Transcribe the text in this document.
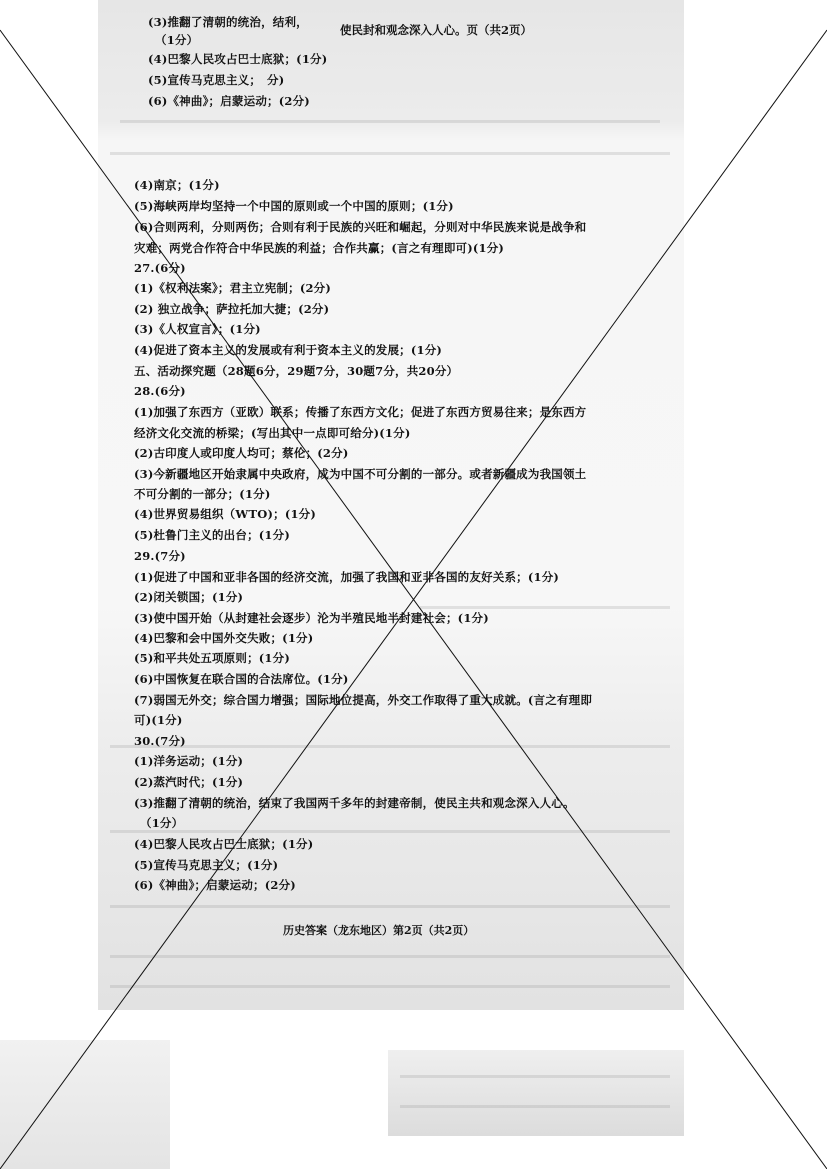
(3)推翻了清朝的统治，结利，
（1分）
(4)巴黎人民攻占巴士底狱；(1分)
(5)宣传马克思主义；　分)
(6)《神曲》；启蒙运动；(2分)
使民封和观念深入人心。页（共2页）
(4)南京；(1分)
(5)海峡两岸均坚持一个中国的原则或一个中国的原则；(1分)
(6)合则两利，分则两伤；合则有利于民族的兴旺和崛起，分则对中华民族来说是战争和
灾难；两党合作符合中华民族的利益；合作共赢；(言之有理即可)(1分)
27.(6分)
(1)《权利法案》；君主立宪制；(2分)
(2) 独立战争；萨拉托加大捷；(2分)
(3)《人权宣言》；(1分)
(4)促进了资本主义的发展或有利于资本主义的发展；(1分)
五、活动探究题（28题6分，29题7分，30题7分，共20分）
28.(6分)
(1)加强了东西方（亚欧）联系；传播了东西方文化；促进了东西方贸易往来；是东西方
经济文化交流的桥梁；(写出其中一点即可给分)(1分)
(2)古印度人或印度人均可；蔡伦；(2分)
(3)今新疆地区开始隶属中央政府，成为中国不可分割的一部分。或者新疆成为我国领土
不可分割的一部分；(1分)
(4)世界贸易组织（WTO)；(1分)
(5)杜鲁门主义的出台；(1分)
29.(7分)
(1)促进了中国和亚非各国的经济交流，加强了我国和亚非各国的友好关系；(1分)
(2)闭关锁国；(1分)
(3)使中国开始（从封建社会逐步）沦为半殖民地半封建社会；(1分)
(4)巴黎和会中国外交失败；(1分)
(5)和平共处五项原则；(1分)
(6)中国恢复在联合国的合法席位。(1分)
(7)弱国无外交；综合国力增强；国际地位提高，外交工作取得了重大成就。(言之有理即
可)(1分)
30.(7分)
(1)洋务运动；(1分)
(2)蒸汽时代；(1分)
(3)推翻了清朝的统治，结束了我国两千多年的封建帝制，使民主共和观念深入人心。
（1分）
(4)巴黎人民攻占巴士底狱；(1分)
(5)宣传马克思主义；(1分)
(6)《神曲》；启蒙运动；(2分)
历史答案（龙东地区）第2页（共2页）
